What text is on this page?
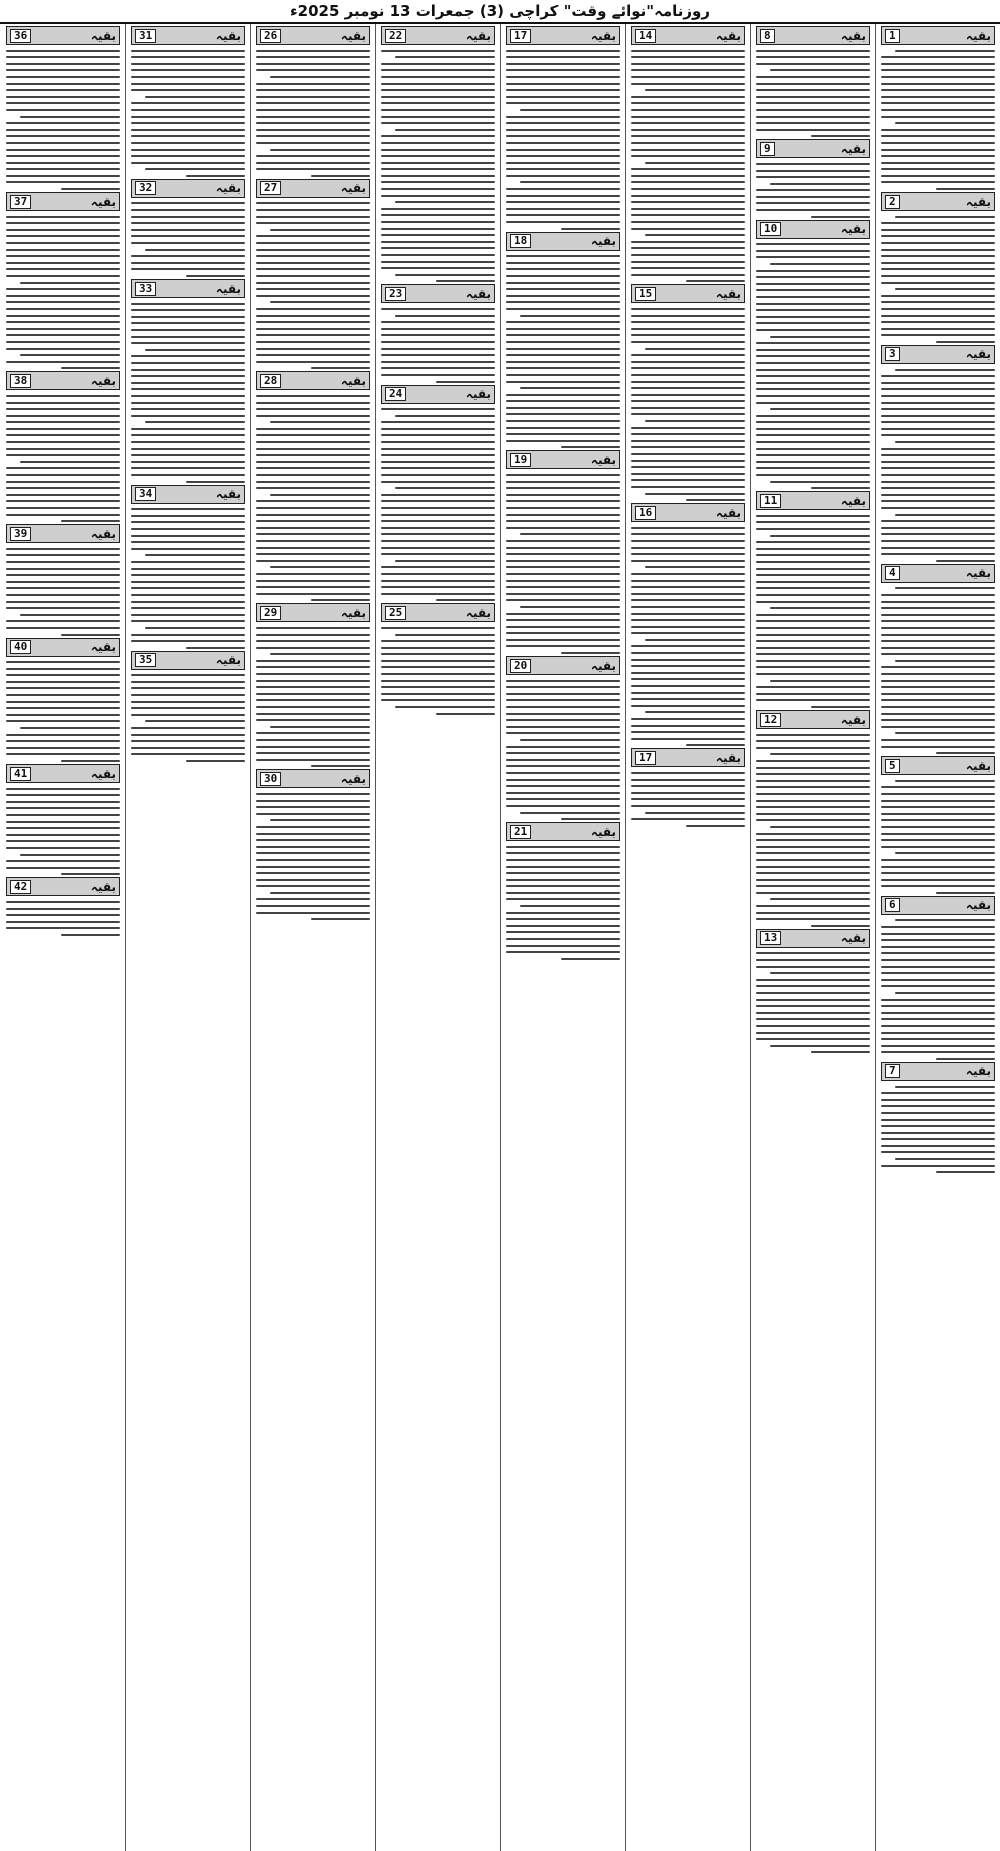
روزنامہ"نوائے وقت" کراچی (3) جمعرات 13 نومبر 2025ء
1	بقیہ
2	بقیہ
3	بقیہ
4	بقیہ
5	بقیہ
6	بقیہ
7	بقیہ
8	بقیہ
9	بقیہ
10	بقیہ
11	بقیہ
12	بقیہ
13	بقیہ
14	بقیہ
15	بقیہ
16	بقیہ
17	بقیہ
17	بقیہ
18	بقیہ
19	بقیہ
20	بقیہ
21	بقیہ
22	بقیہ
23	بقیہ
24	بقیہ
25	بقیہ
26	بقیہ
27	بقیہ
28	بقیہ
29	بقیہ
30	بقیہ
31	بقیہ
32	بقیہ
33	بقیہ
34	بقیہ
35	بقیہ
36	بقیہ
37	بقیہ
38	بقیہ
39	بقیہ
40	بقیہ
41	بقیہ
42	بقیہ
